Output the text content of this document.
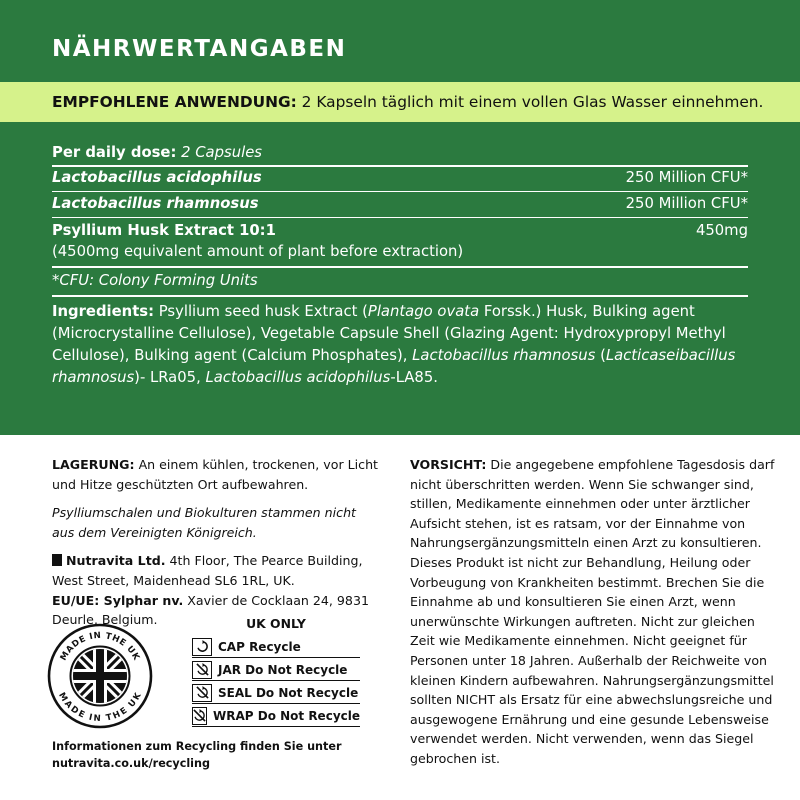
NÄHRWERTANGABEN
EMPFOHLENE ANWENDUNG: 2 Kapseln täglich mit einem vollen Glas Wasser einnehmen.
Per daily dose: 2 Capsules
Lactobacillus acidophilus	250 Million CFU*
Lactobacillus rhamnosus	250 Million CFU*
Psyllium Husk Extract 10:1	450mg
(4500mg equivalent amount of plant before extraction)
*CFU: Colony Forming Units
Ingredients: Psyllium seed husk Extract (Plantago ovata Forssk.) Husk, Bulking agent (Microcrystalline Cellulose), Vegetable Capsule Shell (Glazing Agent: Hydroxypropyl Methyl Cellulose), Bulking agent (Calcium Phosphates), Lactobacillus rhamnosus (Lacticaseibacillus rhamnosus)- LRa05, Lactobacillus acidophilus-LA85.
LAGERUNG: An einem kühlen, trockenen, vor Licht und Hitze geschützten Ort aufbewahren.
Psylliumschalen und Biokulturen stammen nicht aus dem Vereinigten Königreich.
Nutravita Ltd. 4th Floor, The Pearce Building, West Street, Maidenhead SL6 1RL, UK.
EU/UE: Sylphar nv. Xavier de Cocklaan 24, 9831 Deurle, Belgium.
MADE IN THE UK
MADE IN THE UK
UK ONLY
CAP Recycle
JAR Do Not Recycle
SEAL Do Not Recycle
WRAP Do Not Recycle
Informationen zum Recycling finden Sie unter nutravita.co.uk/recycling
VORSICHT: Die angegebene empfohlene Tagesdosis darf nicht überschritten werden. Wenn Sie schwanger sind, stillen, Medikamente einnehmen oder unter ärztlicher Aufsicht stehen, ist es ratsam, vor der Einnahme von Nahrungsergänzungsmitteln einen Arzt zu konsultieren. Dieses Produkt ist nicht zur Behandlung, Heilung oder Vorbeugung von Krankheiten bestimmt. Brechen Sie die Einnahme ab und konsultieren Sie einen Arzt, wenn unerwünschte Wirkungen auftreten. Nicht zur gleichen Zeit wie Medikamente einnehmen. Nicht geeignet für Personen unter 18 Jahren. Außerhalb der Reichweite von kleinen Kindern aufbewahren. Nahrungsergänzungsmittel sollten NICHT als Ersatz für eine abwechslungsreiche und ausgewogene Ernährung und eine gesunde Lebensweise verwendet werden. Nicht verwenden, wenn das Siegel gebrochen ist.
